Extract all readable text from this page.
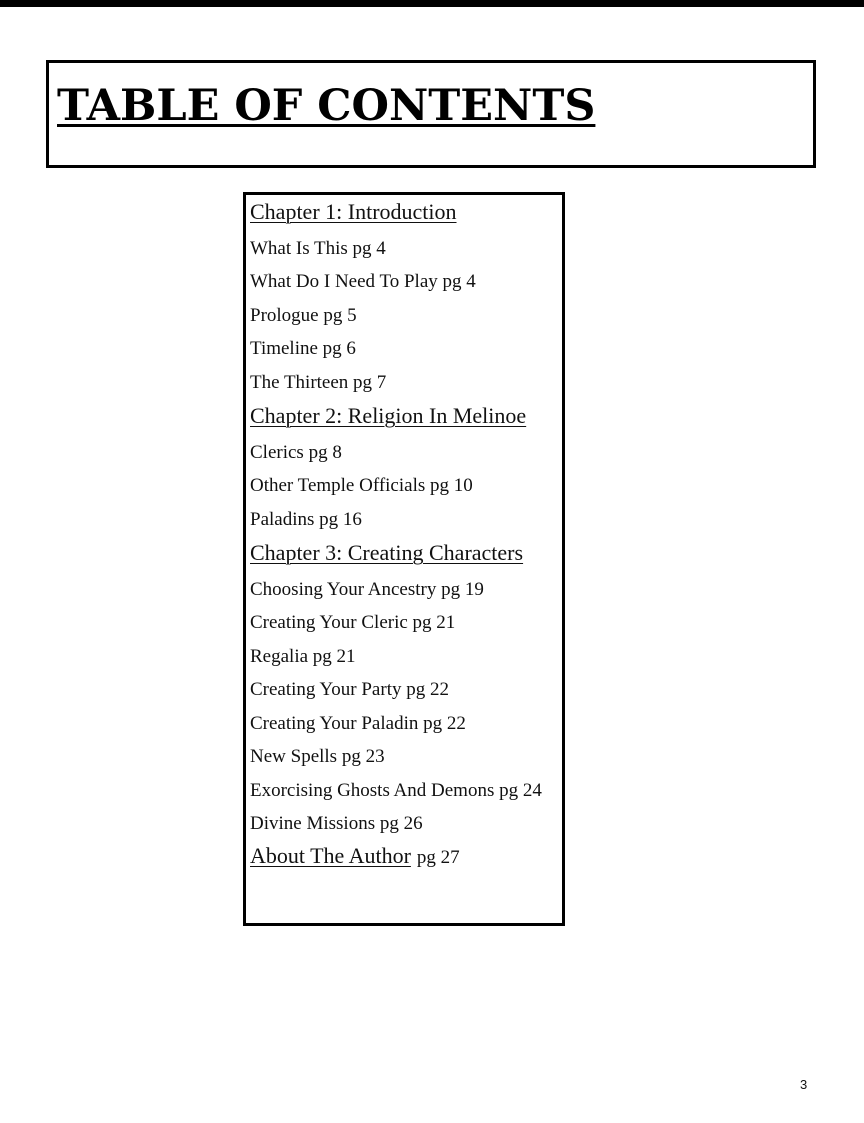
TABLE OF CONTENTS
Chapter 1: Introduction
What Is This pg 4
What Do I Need To Play pg 4
Prologue pg 5
Timeline pg 6
The Thirteen pg 7
Chapter 2: Religion In Melinoe
Clerics pg 8
Other Temple Officials pg 10
Paladins pg 16
Chapter 3: Creating Characters
Choosing Your Ancestry pg 19
Creating Your Cleric pg 21
Regalia pg 21
Creating Your Party pg 22
Creating Your Paladin pg 22
New Spells pg 23
Exorcising Ghosts And Demons pg 24
Divine Missions pg 26
About The Author pg 27
3
